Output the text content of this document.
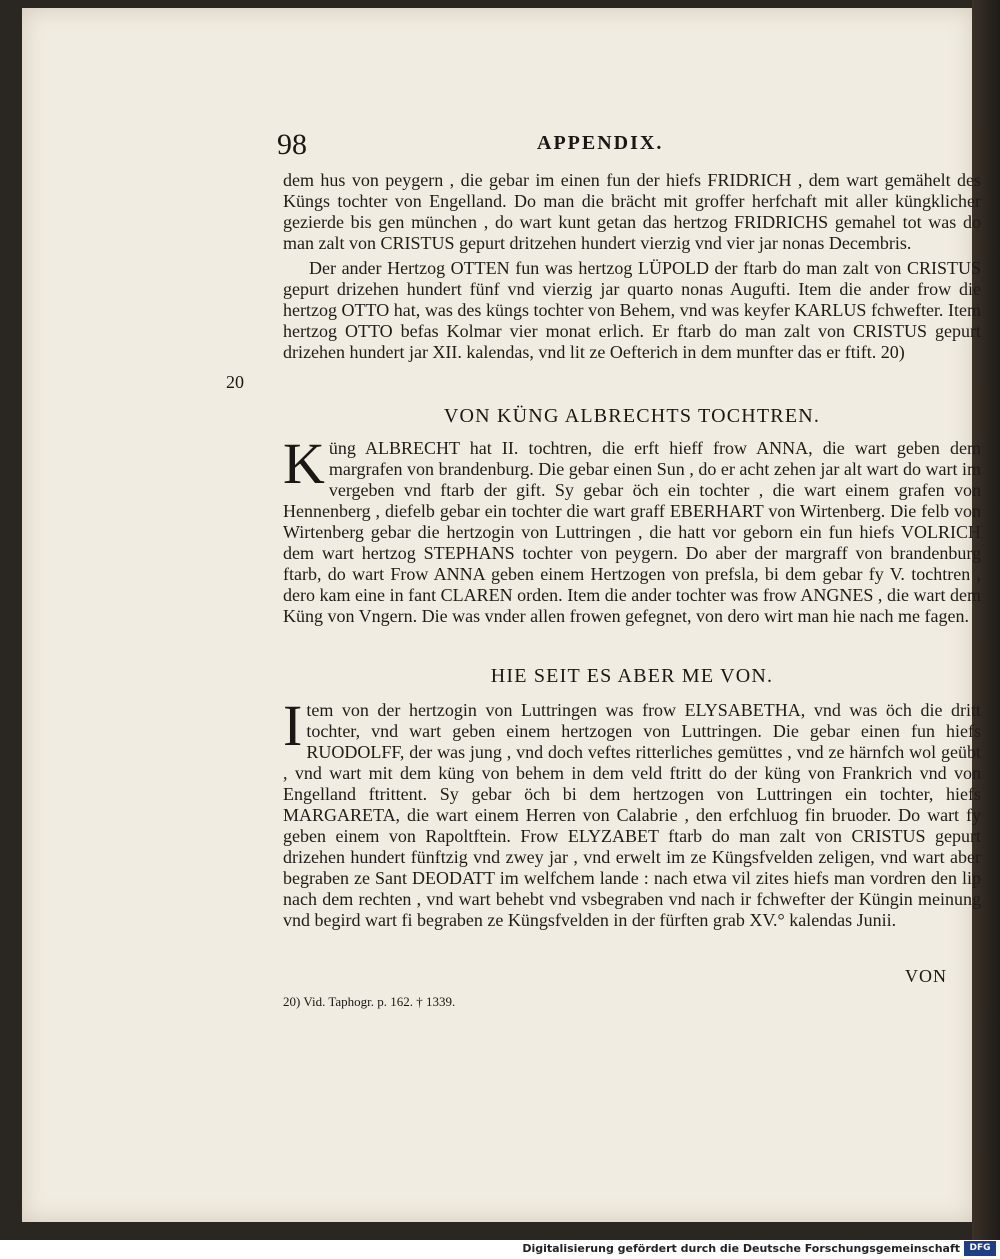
98	APPENDIX.

dem hus von peygern , die gebar im einen fun der hiefs FRIDRICH , dem wart gemähelt des Küngs tochter von Engelland. Do man die brächt mit groffer herfchaft mit aller küngklicher gezierde bis gen münchen , do wart kunt getan das hertzog FRIDRICHS gemahel tot was do man zalt von CRISTUS gepurt dritzehen hundert vierzig vnd vier jar nonas Decembris.

Der ander Hertzog OTTEN fun was hertzog LÜPOLD der ftarb do man zalt von CRISTUS gepurt drizehen hundert fünf vnd vierzig jar quarto nonas Augufti. Item die ander frow die hertzog OTTO hat, was des küngs tochter von Behem, vnd was keyfer KARLUS fchwefter. Item hertzog OTTO befas Kolmar vier monat erlich. Er ftarb do man zalt von CRISTUS gepurt drizehen hundert jar XII. kalendas, vnd lit ze Oefterich in dem munfter das er ftift. 20)

20
VON KÜNG ALBRECHTS TOCHTREN.
K üng ALBRECHT hat II. tochtren, die erft hieff frow ANNA, die wart geben dem margrafen von brandenburg. Die gebar einen Sun , do er acht zehen jar alt wart do wart im vergeben vnd ftarb der gift. Sy gebar öch ein tochter , die wart einem grafen von Hennenberg , diefelb gebar ein tochter die wart graff EBERHART von Wirtenberg. Die felb von Wirtenberg gebar die hertzogin von Luttringen , die hatt vor geborn ein fun hiefs VOLRICH dem wart hertzog STEPHANS tochter von peygern. Do aber der margraff von brandenburg ftarb, do wart Frow ANNA geben einem Hertzogen von prefsla, bi dem gebar fy V. tochtren , dero kam eine in fant CLAREN orden. Item die ander tochter was frow ANGNES , die wart dem Küng von Vngern. Die was vnder allen frowen gefegnet, von dero wirt man hie nach me fagen.

HIE SEIT ES ABER ME VON.
I tem von der hertzogin von Luttringen was frow ELYSABETHA, vnd was öch die dritt tochter, vnd wart geben einem hertzogen von Luttringen. Die gebar einen fun hiefs RUODOLFF, der was jung , vnd doch veftes ritterliches gemüttes , vnd ze härnfch wol geübt , vnd wart mit dem küng von behem in dem veld ftritt do der küng von Frankrich vnd von Engelland ftrittent. Sy gebar öch bi dem hertzogen von Luttringen ein tochter, hiefs MARGARETA, die wart einem Herren von Calabrie , den erfchluog fin bruoder. Do wart fy geben einem von Rapoltftein. Frow ELYZABET ftarb do man zalt von CRISTUS gepurt drizehen hundert fünftzig vnd zwey jar , vnd erwelt im ze Küngsfvelden zeligen, vnd wart aber begraben ze Sant DEODATT im welfchem lande : nach etwa vil zites hiefs man vordren den lip nach dem rechten , vnd wart behebt vnd vsbegraben vnd nach ir fchwefter der Küngin meinung vnd begird wart fi begraben ze Küngsfvelden in der fürften grab XV.° kalendas Junii.

VON
20) Vid. Taphogr. p. 162. † 1339.
Digitalisierung gefördert durch die Deutsche Forschungsgemeinschaft	DFG
